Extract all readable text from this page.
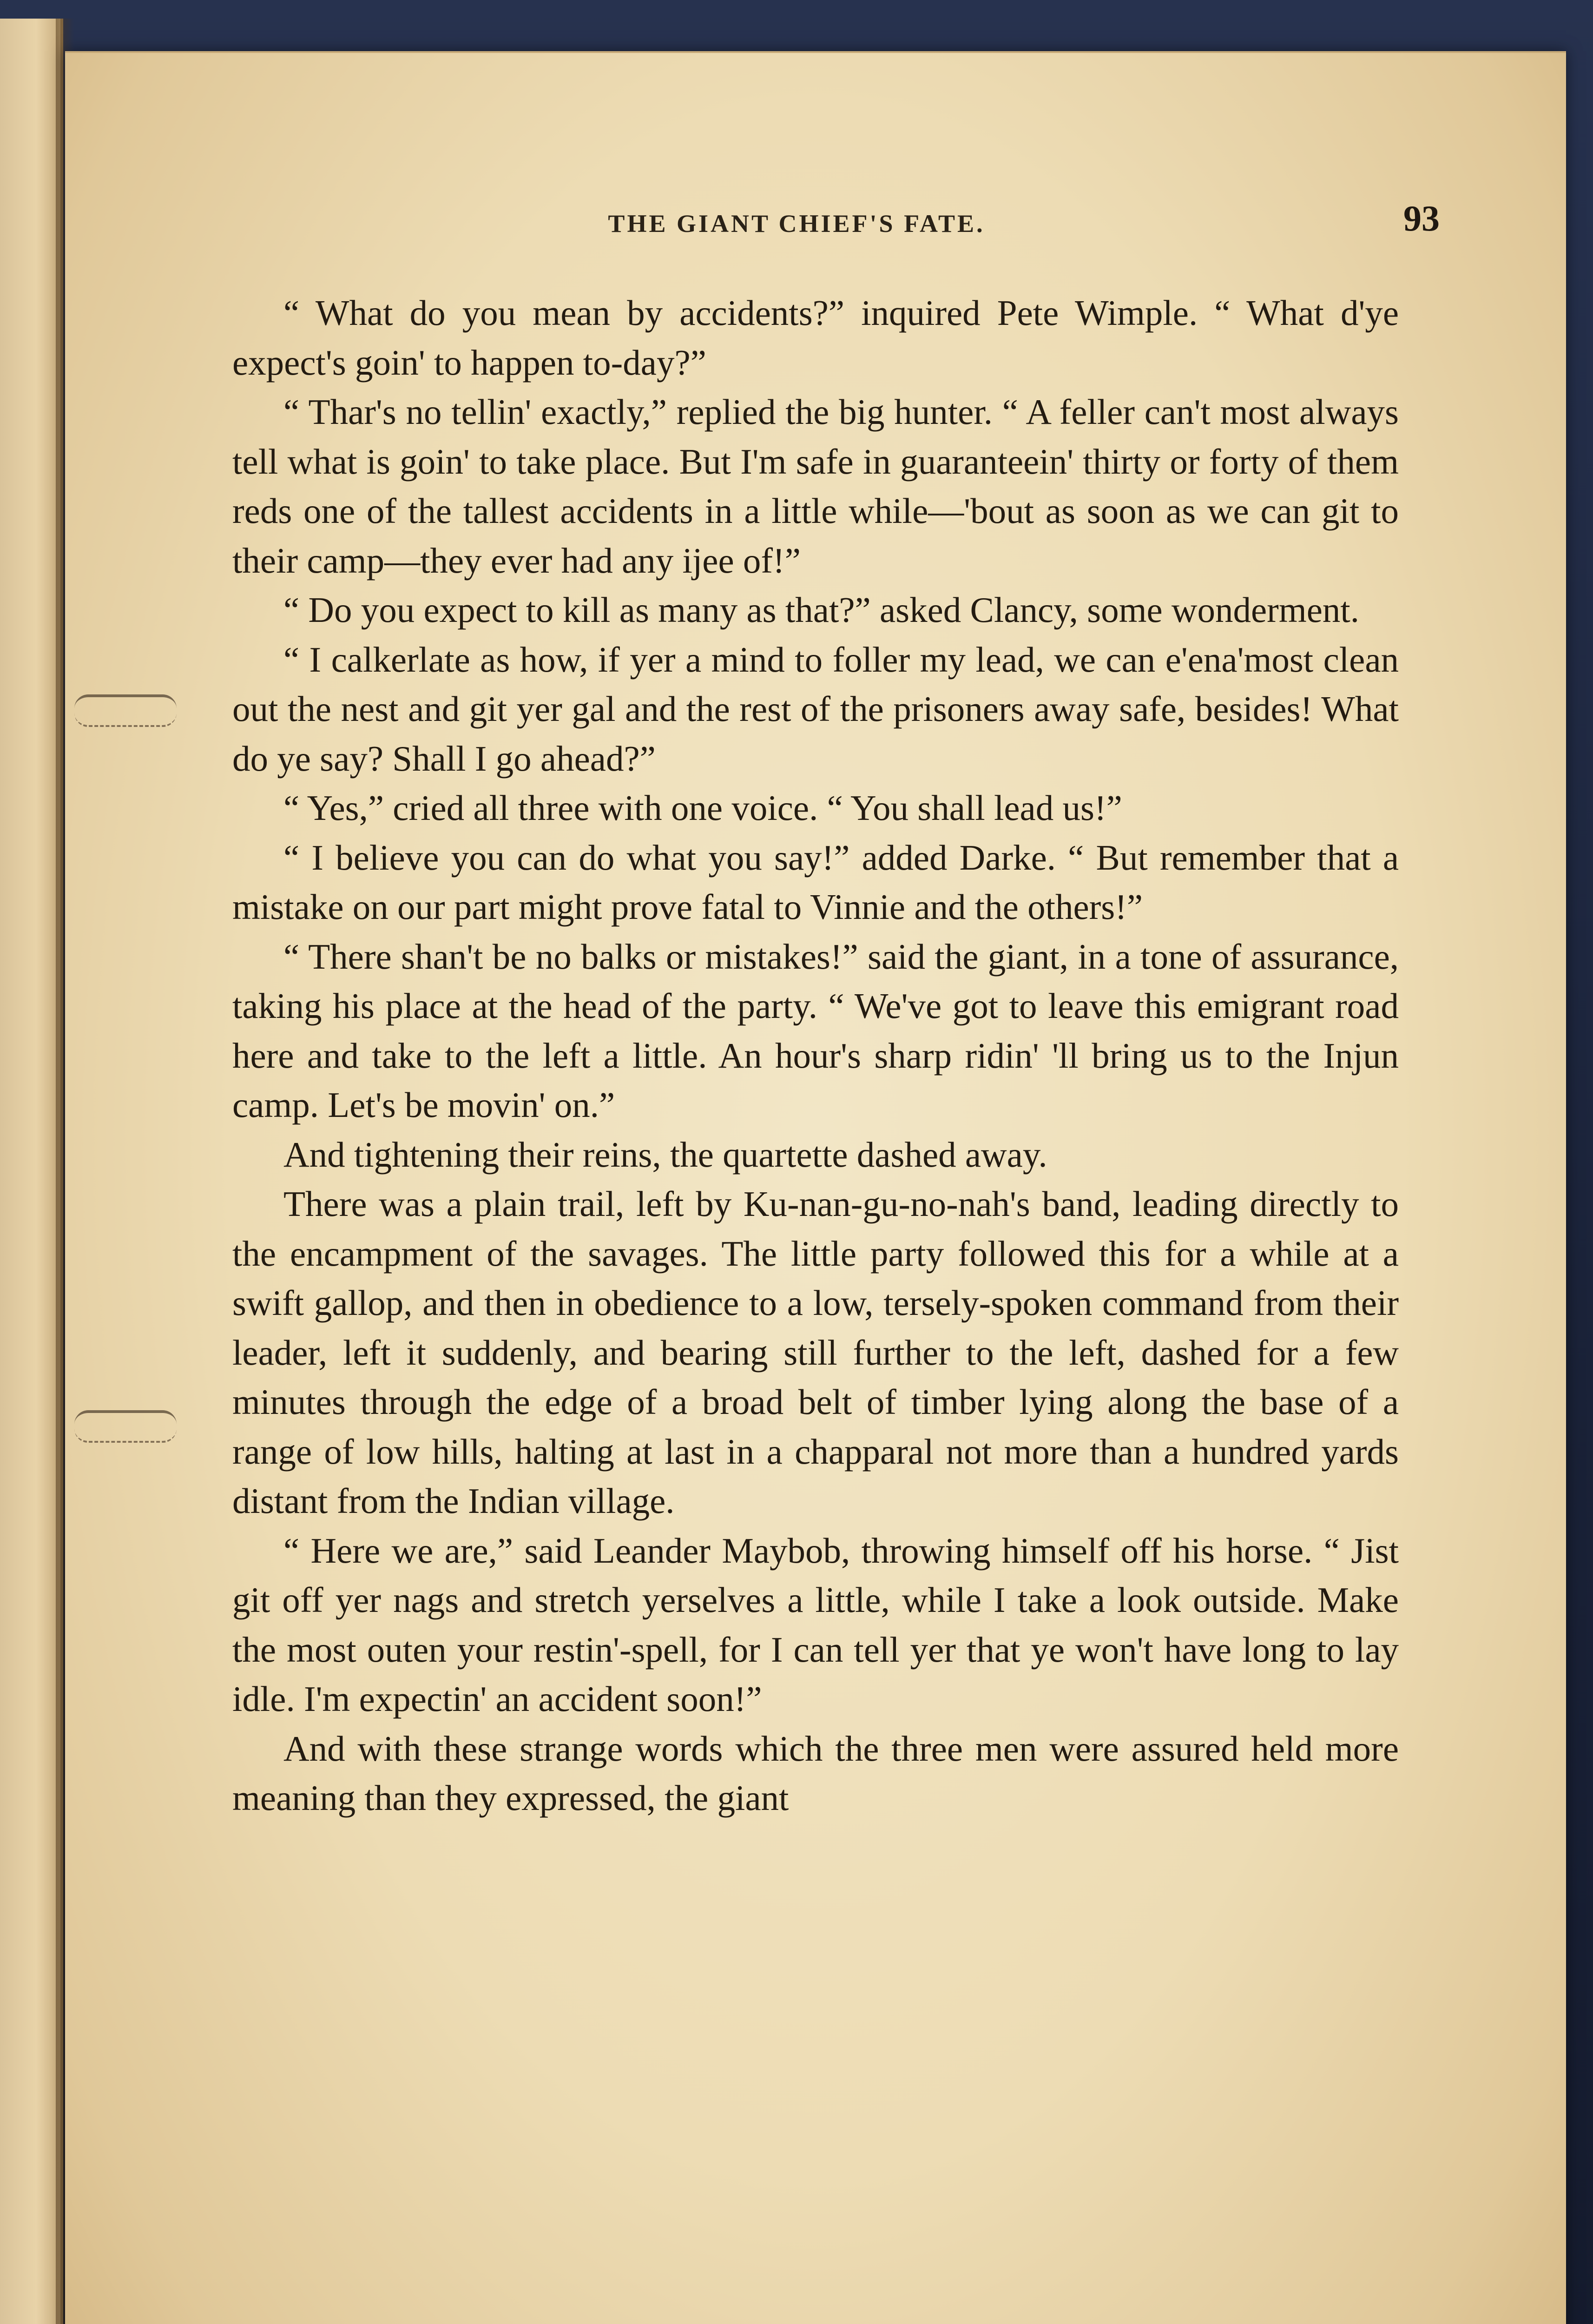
THE GIANT CHIEF'S FATE.	93

“ What do you mean by accidents?” inquired Pete Wimple. “ What d'ye expect's goin' to happen to-day?”

“ Thar's no tellin' exactly,” replied the big hunter. “ A feller can't most always tell what is goin' to take place. But I'm safe in guaranteein' thirty or forty of them reds one of the tallest accidents in a little while—'bout as soon as we can git to their camp—they ever had any ijee of!”

“ Do you expect to kill as many as that?” asked Clancy, some wonderment.

“ I calkerlate as how, if yer a mind to foller my lead, we can e'ena'most clean out the nest and git yer gal and the rest of the prisoners away safe, besides! What do ye say? Shall I go ahead?”

“ Yes,” cried all three with one voice. “ You shall lead us!”

“ I believe you can do what you say!” added Darke. “ But remember that a mistake on our part might prove fatal to Vinnie and the others!”

“ There shan't be no balks or mistakes!” said the giant, in a tone of assurance, taking his place at the head of the party. “ We've got to leave this emigrant road here and take to the left a little. An hour's sharp ridin' 'll bring us to the Injun camp. Let's be movin' on.”

And tightening their reins, the quartette dashed away.

There was a plain trail, left by Ku-nan-gu-no-nah's band, leading directly to the encampment of the savages. The little party followed this for a while at a swift gallop, and then in obedience to a low, tersely-spoken command from their leader, left it suddenly, and bearing still further to the left, dashed for a few minutes through the edge of a broad belt of timber lying along the base of a range of low hills, halting at last in a chapparal not more than a hundred yards distant from the Indian village.

“ Here we are,” said Leander Maybob, throwing himself off his horse. “ Jist git off yer nags and stretch yerselves a little, while I take a look outside. Make the most outen your restin'-spell, for I can tell yer that ye won't have long to lay idle. I'm expectin' an accident soon!”

And with these strange words which the three men were assured held more meaning than they expressed, the giant
